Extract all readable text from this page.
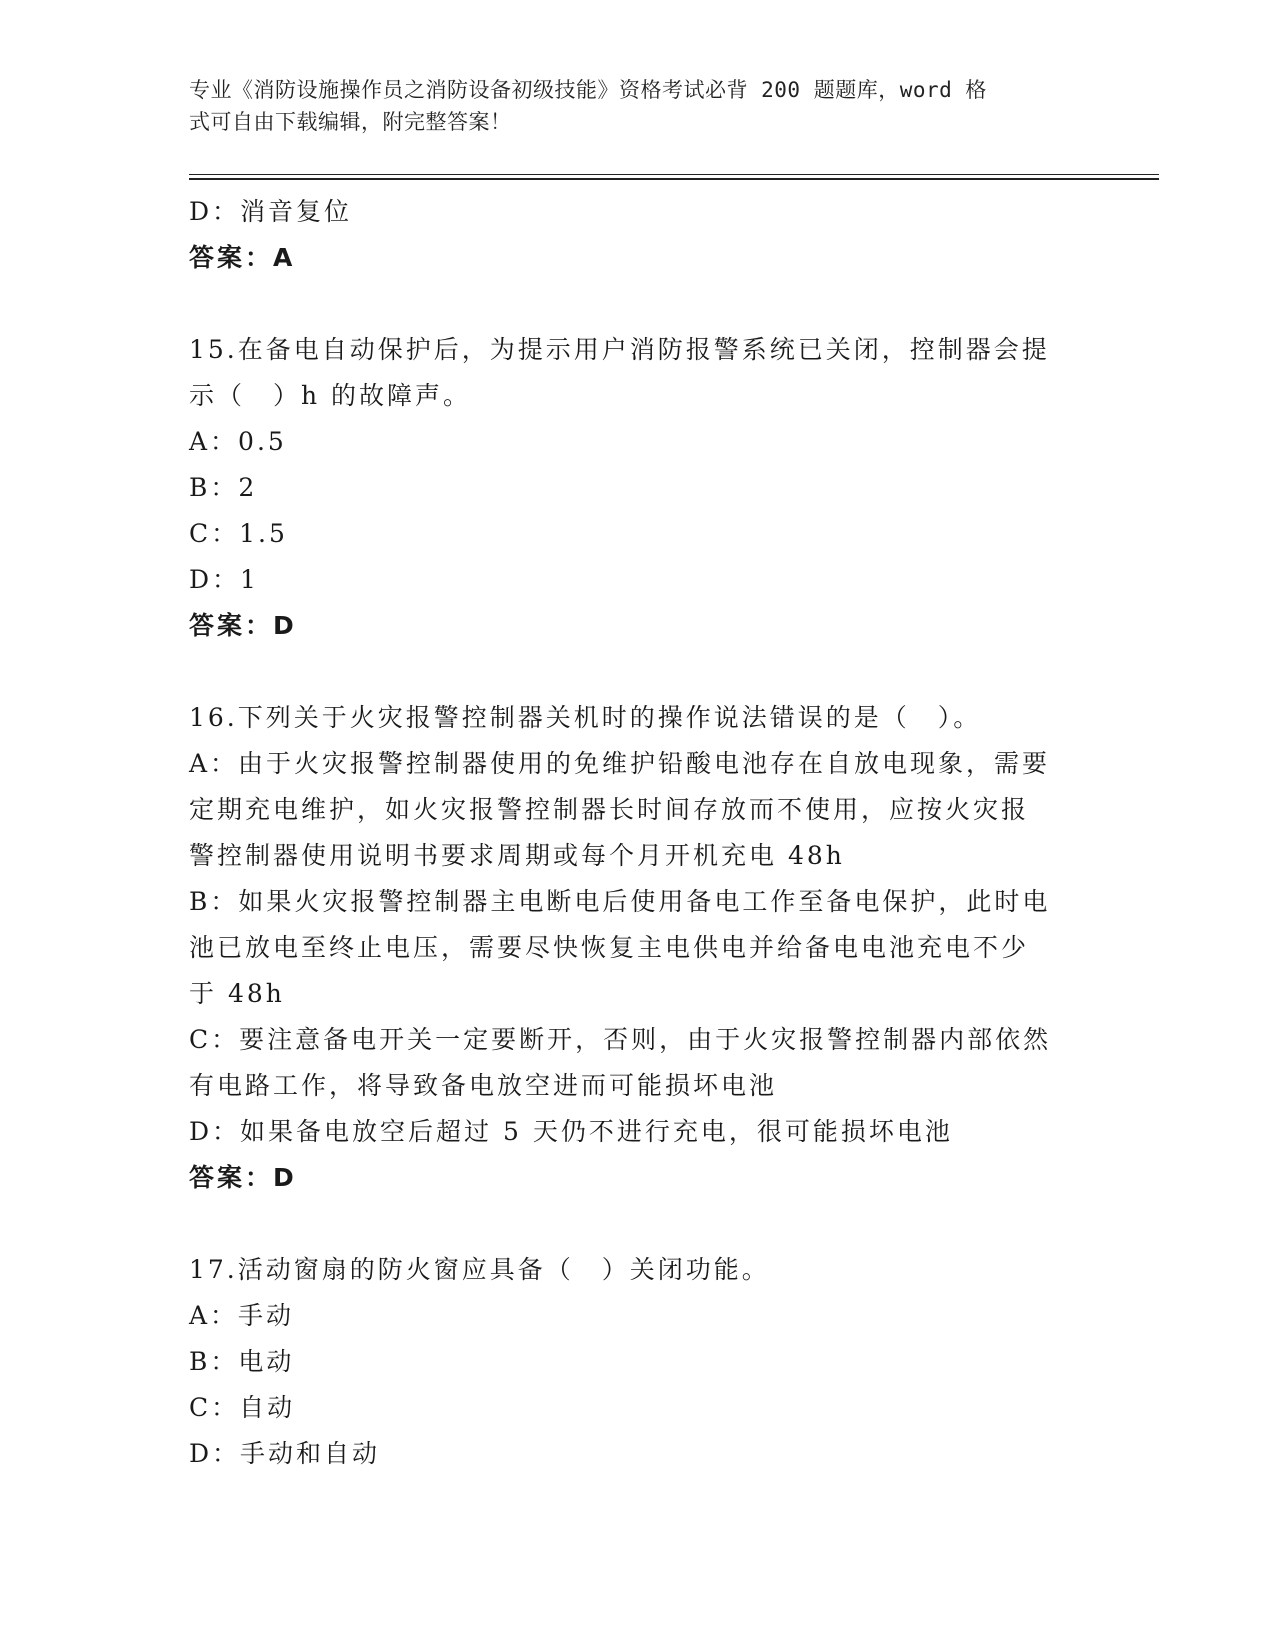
专业《消防设施操作员之消防设备初级技能》资格考试必背 200 题题库，word 格
式可自由下载编辑，附完整答案！
D：消音复位
答案：A
15.在备电自动保护后，为提示用户消防报警系统已关闭，控制器会提
示（　）h 的故障声。
A：0.5
B：2
C：1.5
D：1
答案：D
16.下列关于火灾报警控制器关机时的操作说法错误的是（　）。
A：由于火灾报警控制器使用的免维护铅酸电池存在自放电现象，需要
定期充电维护，如火灾报警控制器长时间存放而不使用，应按火灾报
警控制器使用说明书要求周期或每个月开机充电 48h
B：如果火灾报警控制器主电断电后使用备电工作至备电保护，此时电
池已放电至终止电压，需要尽快恢复主电供电并给备电电池充电不少
于 48h
C：要注意备电开关一定要断开，否则，由于火灾报警控制器内部依然
有电路工作，将导致备电放空进而可能损坏电池
D：如果备电放空后超过 5 天仍不进行充电，很可能损坏电池
答案：D
17.活动窗扇的防火窗应具备（　）关闭功能。
A：手动
B：电动
C：自动
D：手动和自动
